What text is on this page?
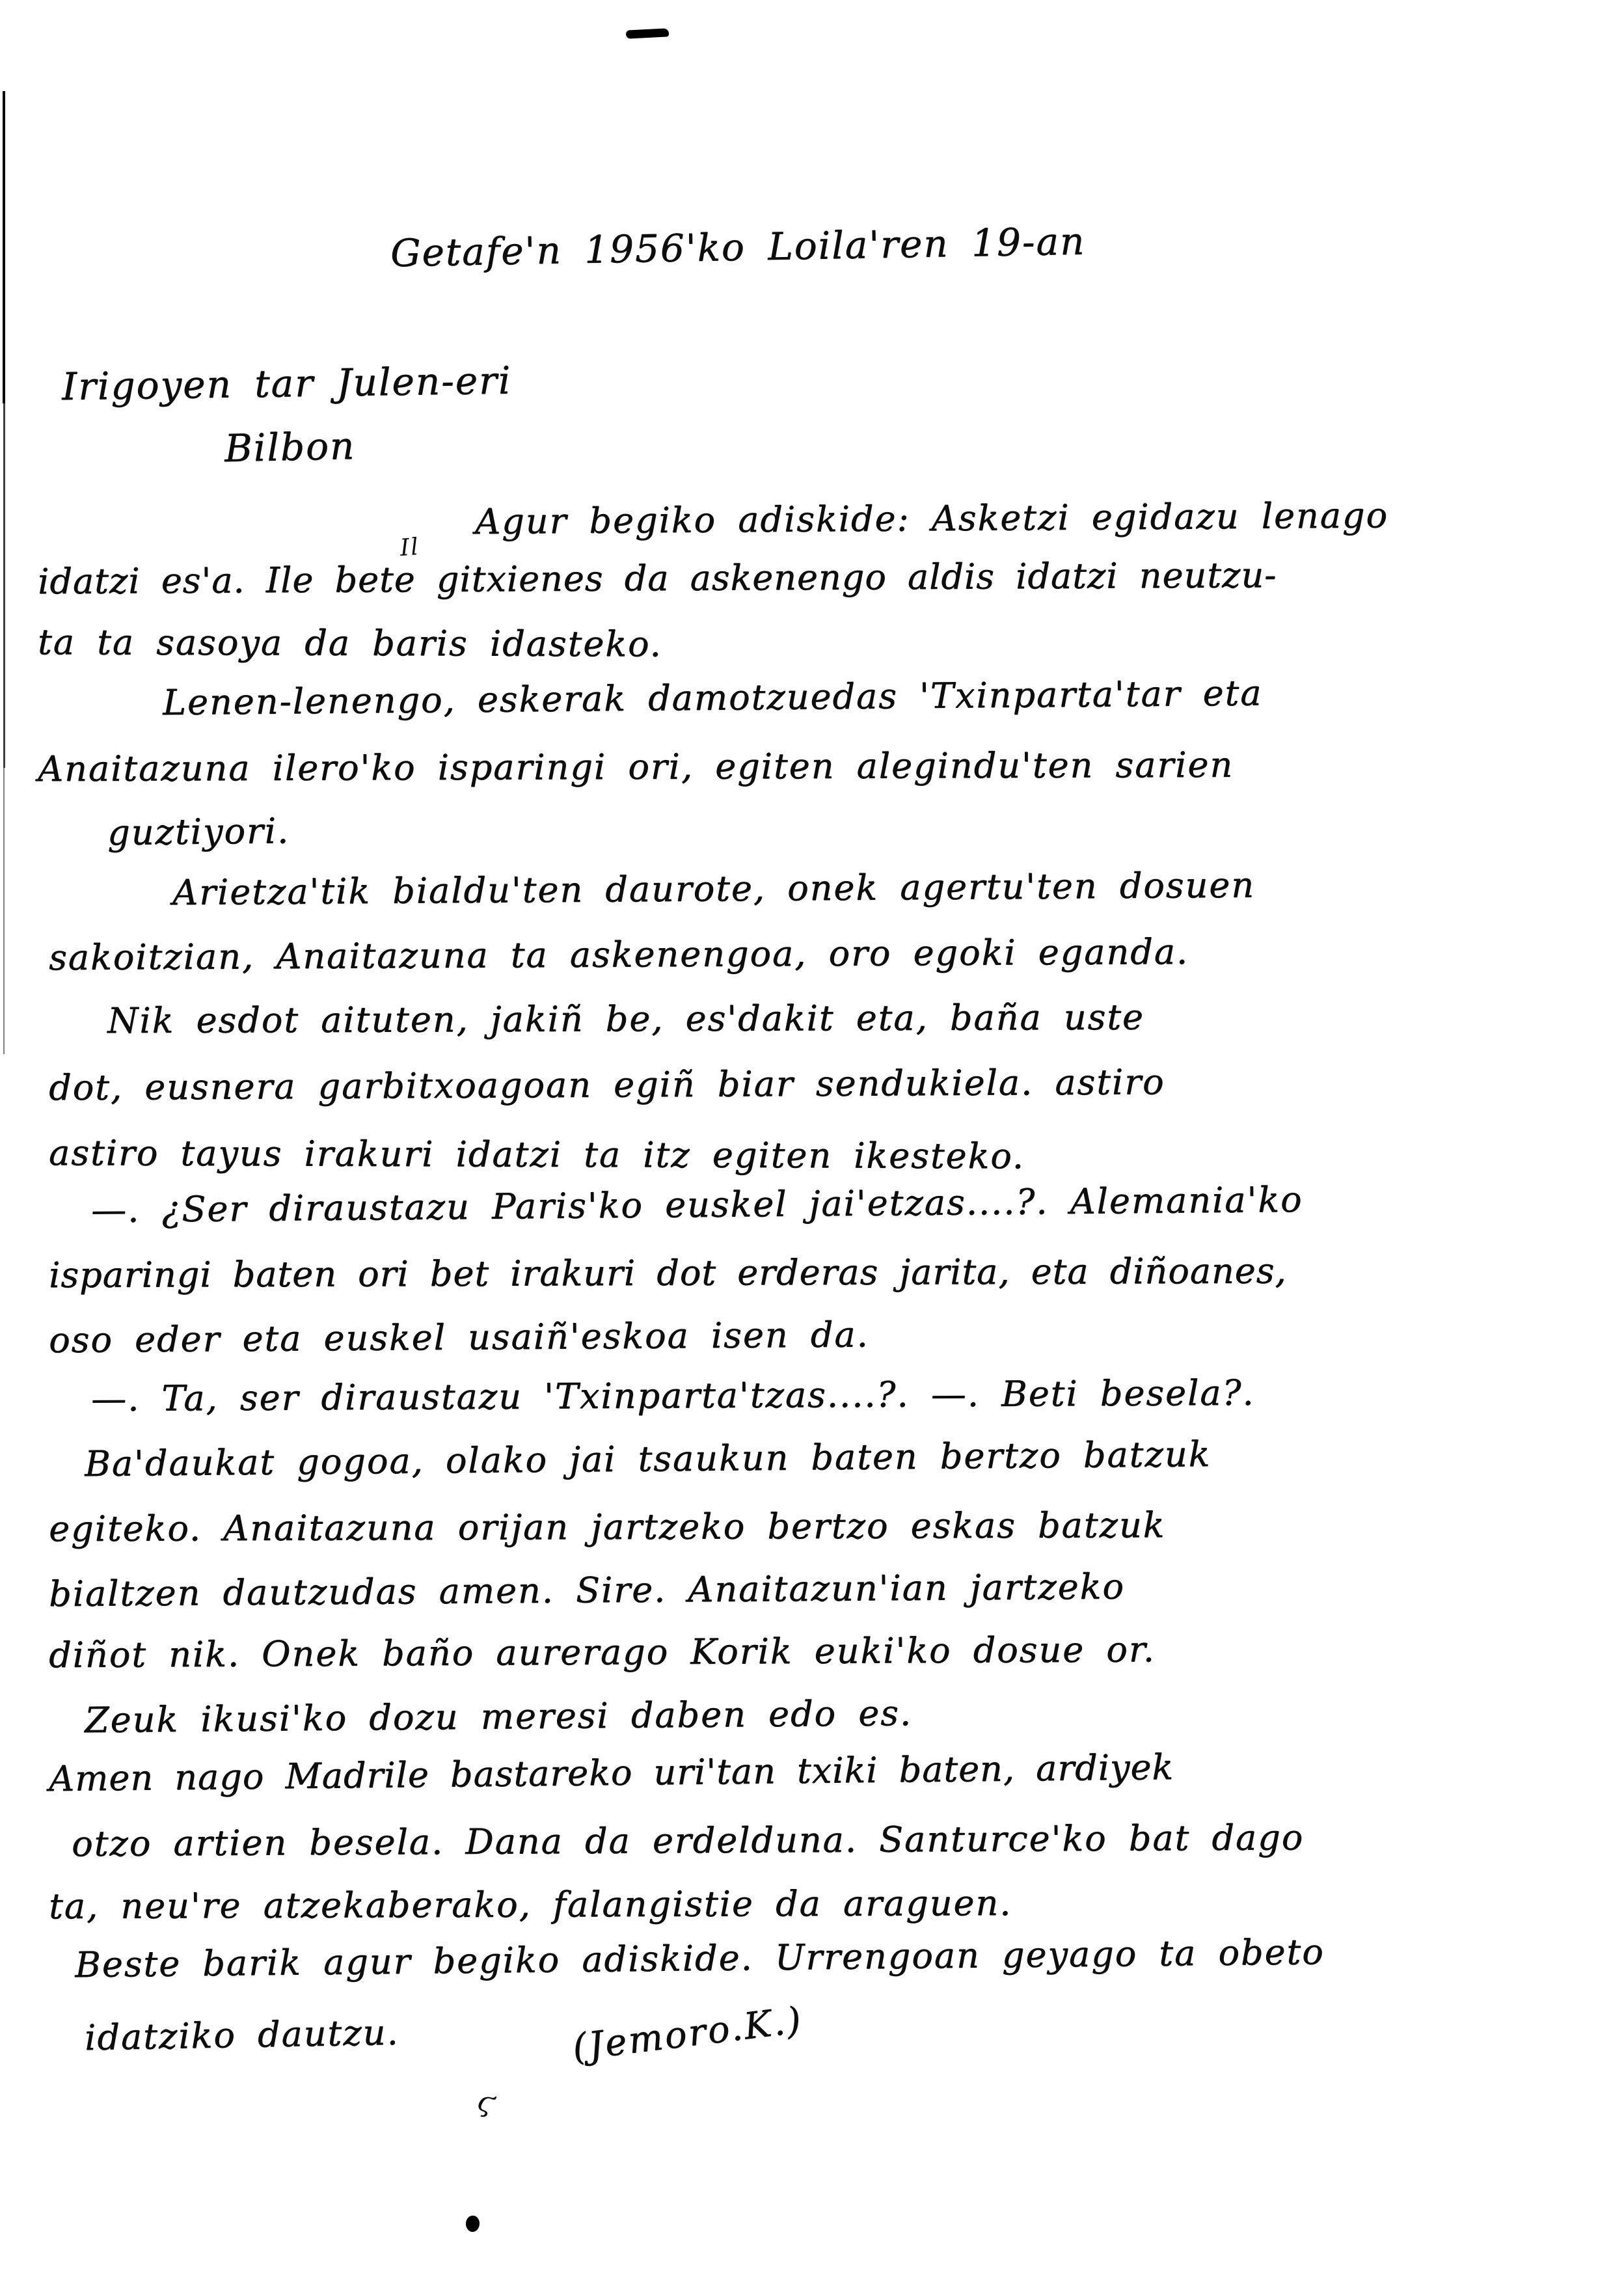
Getafe'n 1956'ko Loila'ren 19-an
Irigoyen tar Julen-eri
Bilbon
Agur begiko adiskide: Asketzi egidazu lenago
Il
idatzi es'a. Ile bete gitxienes da askenengo aldis idatzi neutzu-
ta ta sasoya da baris idasteko.
Lenen-lenengo, eskerak damotzuedas 'Txinparta'tar eta
Anaitazuna ilero'ko isparingi ori, egiten alegindu'ten sarien
guztiyori.
Arietza'tik bialdu'ten daurote, onek agertu'ten dosuen
sakoitzian, Anaitazuna ta askenengoa, oro egoki eganda.
Nik esdot aituten, jakiñ be, es'dakit eta, baña uste
dot, eusnera garbitxoagoan egiñ biar sendukiela. astiro
astiro tayus irakuri idatzi ta itz egiten ikesteko.
—. ¿Ser diraustazu Paris'ko euskel jai'etzas....?. Alemania'ko
isparingi baten ori bet irakuri dot erderas jarita, eta diñoanes,
oso eder eta euskel usaiñ'eskoa isen da.
—. Ta, ser diraustazu 'Txinparta'tzas....?. —. Beti besela?.
Ba'daukat gogoa, olako jai tsaukun baten bertzo batzuk
egiteko. Anaitazuna orijan jartzeko bertzo eskas batzuk
bialtzen dautzudas amen. Sire. Anaitazun'ian jartzeko
diñot nik. Onek baño aurerago Korik euki'ko dosue or.
Zeuk ikusi'ko dozu meresi daben edo es.
Amen nago Madrile bastareko uri'tan txiki baten, ardiyek
otzo artien besela. Dana da erdelduna. Santurce'ko bat dago
ta, neu're atzekaberako, falangistie da araguen.
Beste barik agur begiko adiskide. Urrengoan geyago ta obeto
idatziko dautzu.	(Jemoro.K.)
ϛ
